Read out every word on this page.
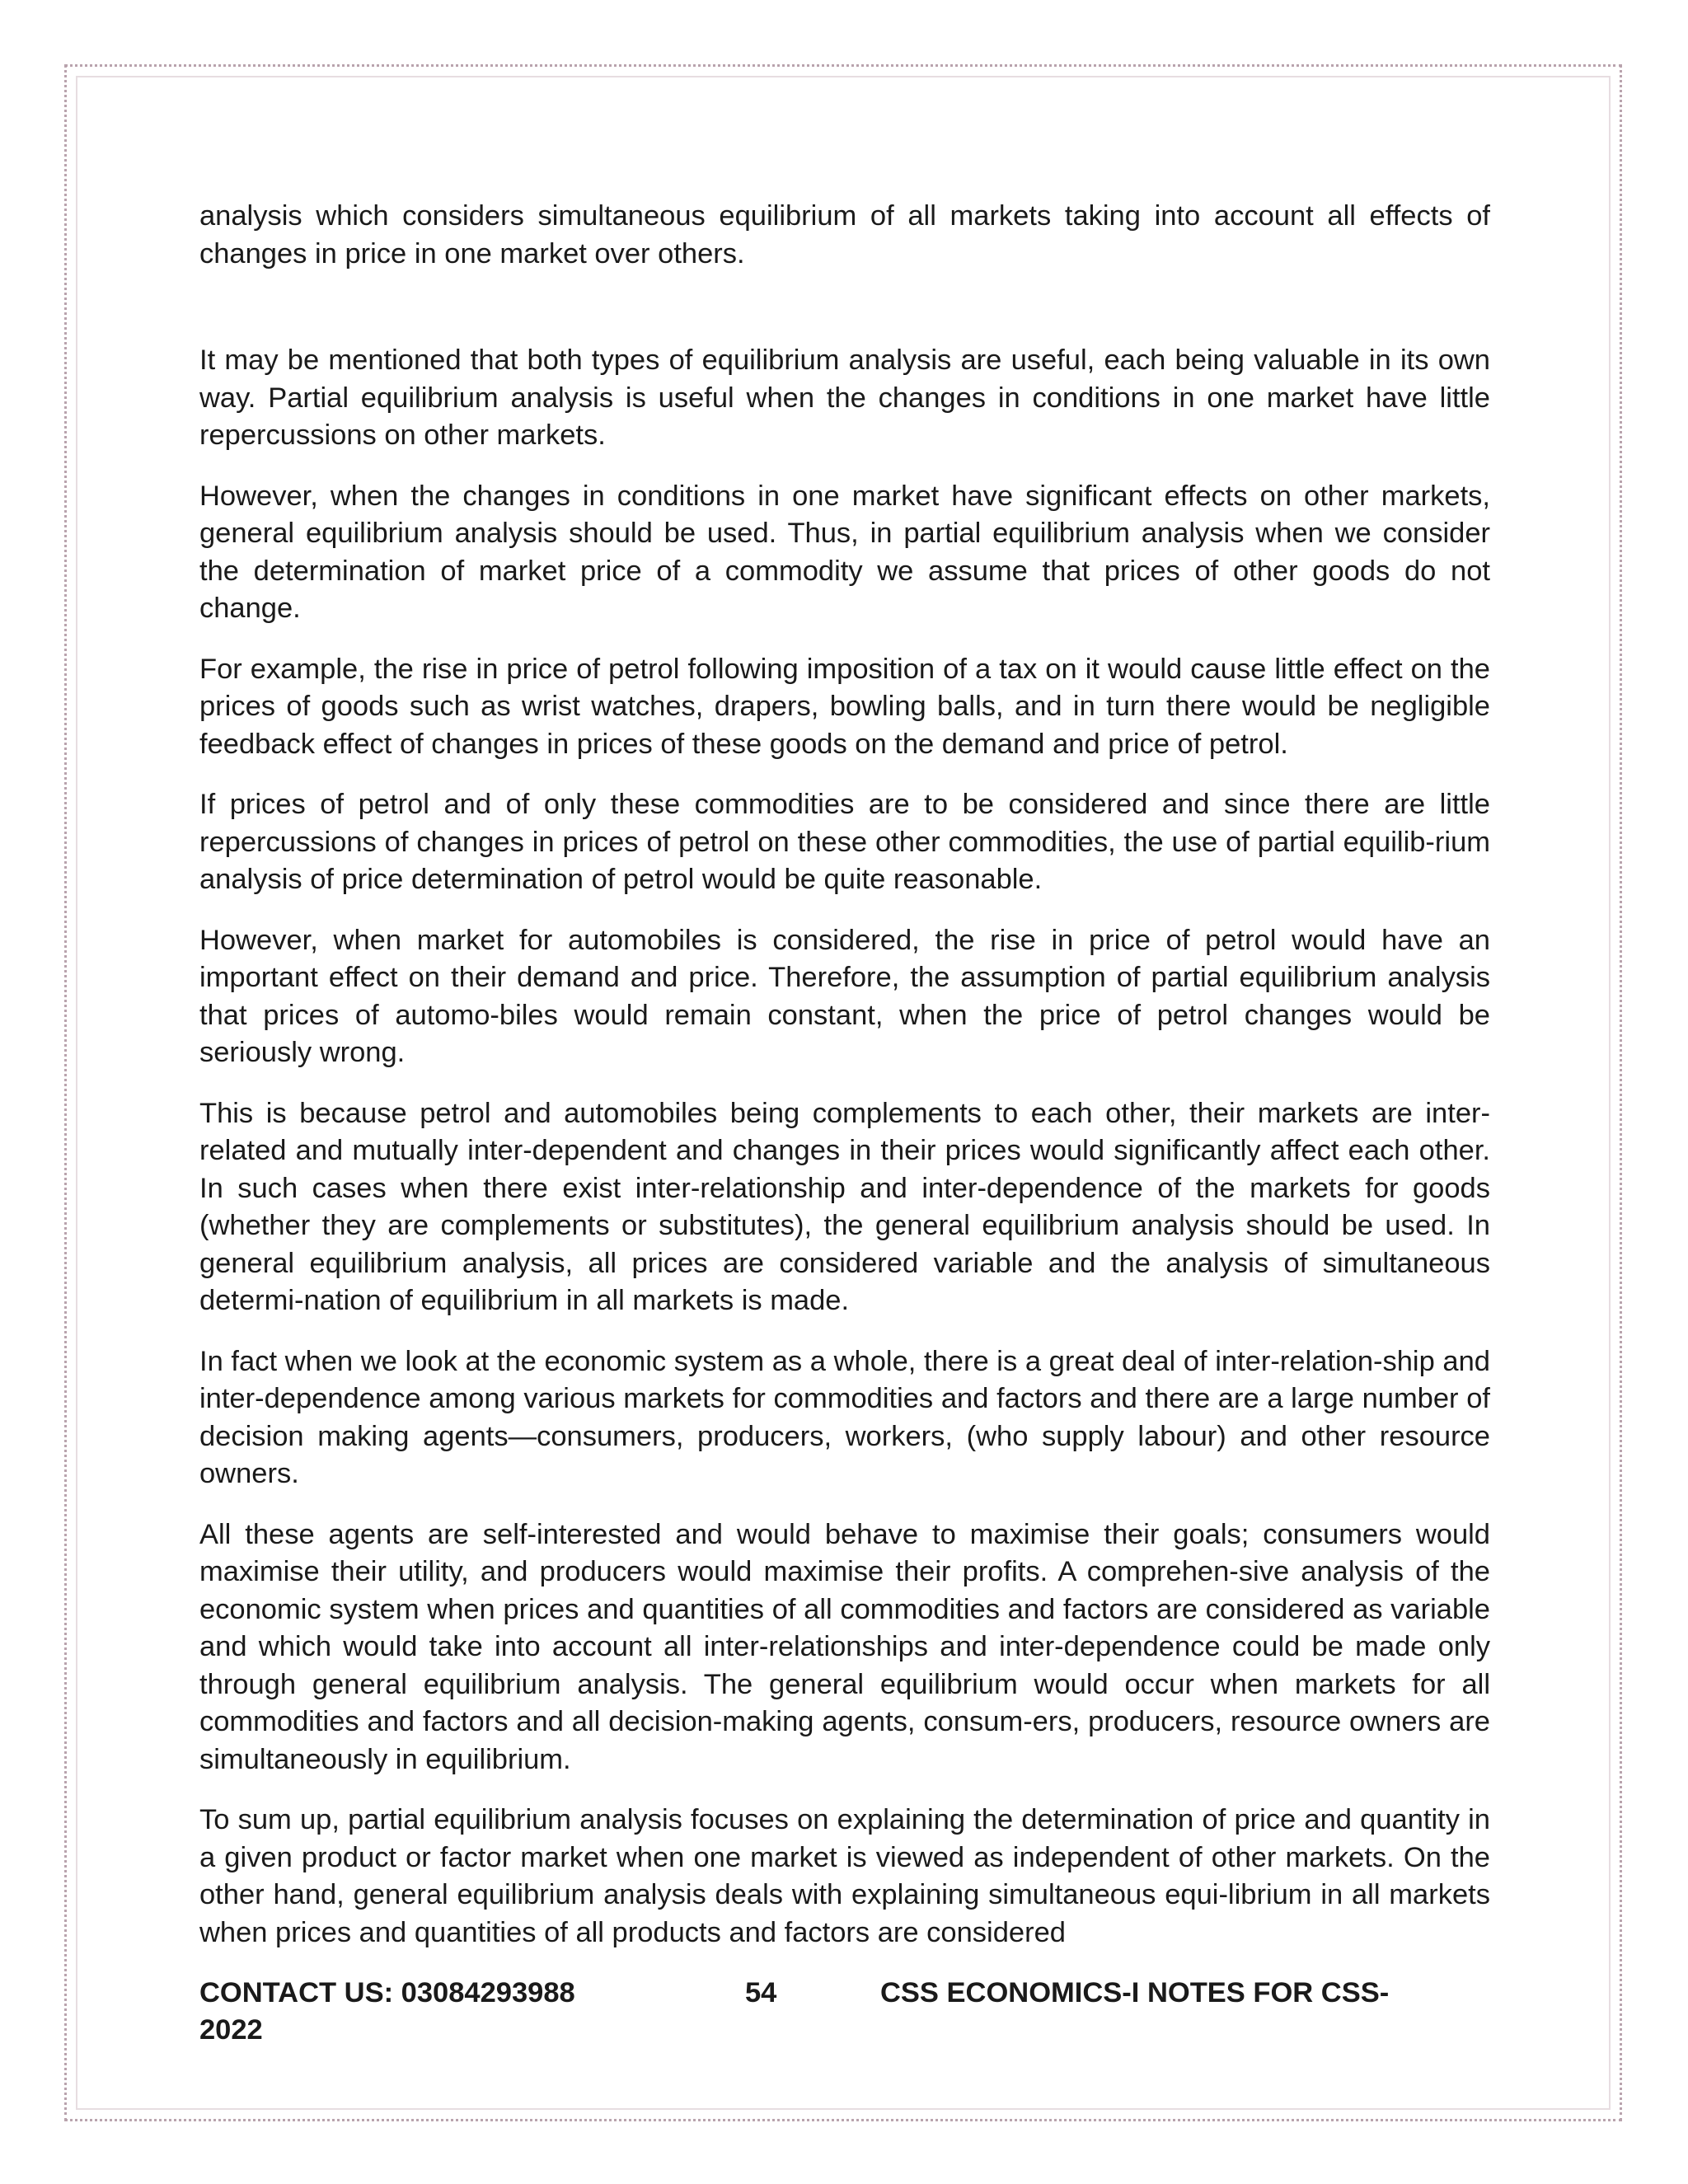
analysis which considers simultaneous equilibrium of all markets taking into account all effects of changes in price in one market over others.

It may be mentioned that both types of equilibrium analysis are useful, each being valuable in its own way. Partial equilibrium analysis is useful when the changes in conditions in one market have little repercussions on other markets.

However, when the changes in conditions in one market have significant effects on other markets, general equilibrium analysis should be used. Thus, in partial equilibrium analysis when we consider the determination of market price of a commodity we assume that prices of other goods do not change.

For example, the rise in price of petrol following imposition of a tax on it would cause little effect on the prices of goods such as wrist watches, drapers, bowling balls, and in turn there would be negligible feedback effect of changes in prices of these goods on the demand and price of petrol.

If prices of petrol and of only these commodities are to be considered and since there are little repercussions of changes in prices of petrol on these other commodities, the use of partial equilib-rium analysis of price determination of petrol would be quite reasonable.

However, when market for automobiles is considered, the rise in price of petrol would have an important effect on their demand and price. Therefore, the assumption of partial equilibrium analysis that prices of automo-biles would remain constant, when the price of petrol changes would be seriously wrong.

This is because petrol and automobiles being complements to each other, their markets are inter-related and mutually inter-dependent and changes in their prices would significantly affect each other. In such cases when there exist inter-relationship and inter-dependence of the markets for goods (whether they are complements or substitutes), the general equilibrium analysis should be used. In general equilibrium analysis, all prices are considered variable and the analysis of simultaneous determi-nation of equilibrium in all markets is made.

In fact when we look at the economic system as a whole, there is a great deal of inter-relation-ship and inter-dependence among various markets for commodities and factors and there are a large number of decision making agents—consumers, producers, workers, (who supply labour) and other resource owners.

All these agents are self-interested and would behave to maximise their goals; consumers would maximise their utility, and producers would maximise their profits. A comprehen-sive analysis of the economic system when prices and quantities of all commodities and factors are considered as variable and which would take into account all inter-relationships and inter-dependence could be made only through general equilibrium analysis. The general equilibrium would occur when markets for all commodities and factors and all decision-making agents, consum-ers, producers, resource owners are simultaneously in equilibrium.

To sum up, partial equilibrium analysis focuses on explaining the determination of price and quantity in a given product or factor market when one market is viewed as independent of other markets. On the other hand, general equilibrium analysis deals with explaining simultaneous equi-librium in all markets when prices and quantities of all products and factors are considered

CONTACT US: 03084293988	54	CSS ECONOMICS-I NOTES FOR CSS-
2022
